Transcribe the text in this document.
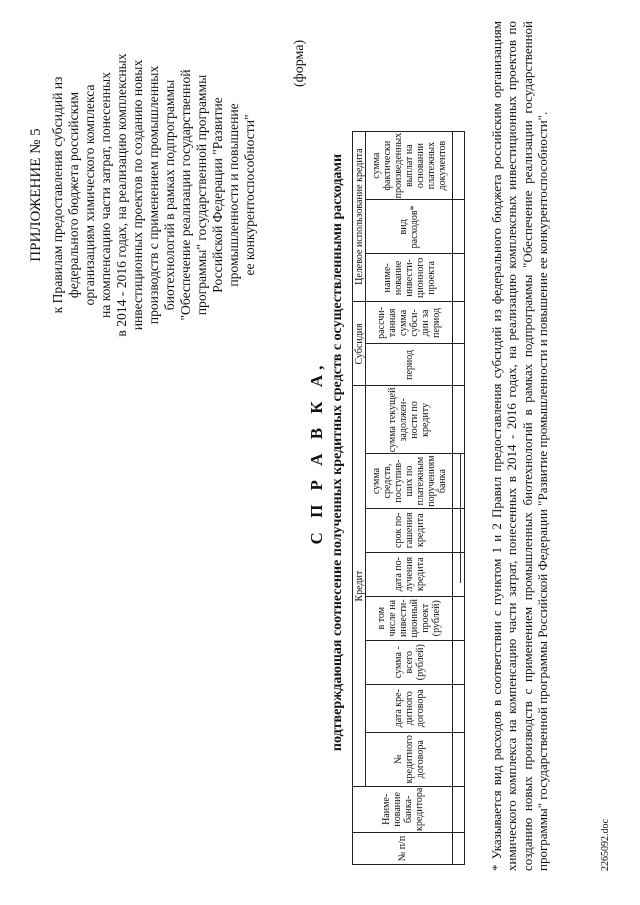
ПРИЛОЖЕНИЕ № 5 к Правилам предоставления субсидий из федерального бюджета российским организациям химического комплекса на компенсацию части затрат, понесенных в 2014 - 2016 годах, на реализацию комплексных инвестиционных проектов по созданию новых производств с применением промышленных биотехнологий в рамках подпрограммы "Обеспечение реализации государственной программы" государственной программы Российской Федерации "Развитие промышленности и повышение ее конкурентоспособности"
(форма)
С П Р А В К А, подтверждающая соотнесение полученных кредитных средств с осуществленными расходами
№ п/п	Наиме- нование банка- кредитора	Кредит								Субсидия		Целевое использование кредита		
		№ кредитного договора	дата кре- дитного договора	сумма - всего (рублей)	в том числе на инвести- ционный проект (рублей)	дата по- лучения кредита	срок по- гашения кредита	сумма средств, поступив- ших по платежным поручениям банка	сумма текущей задолжен- ности по кредиту	период	рассчи- танная сумма субси- дии за период	наиме- нование инвести- ционного проекта	вид расходов*	сумма фактически произведенных выплат на основании платежных документов
															* Указывается вид расходов в соответствии с пунктом 1 и 2 Правил предоставления субсидий из федерального бюджета российским организациям химического комплекса на компенсацию части затрат, понесенных в 2014 - 2016 годах, на реализацию комплексных инвестиционных проектов по созданию новых производств с применением промышленных биотехнологий в рамках подпрограммы "Обеспечение реализации государственной программы" государственной программы Российской Федерации "Развитие промышленности и повышение ее конкурентоспособности".	2265092.doc
